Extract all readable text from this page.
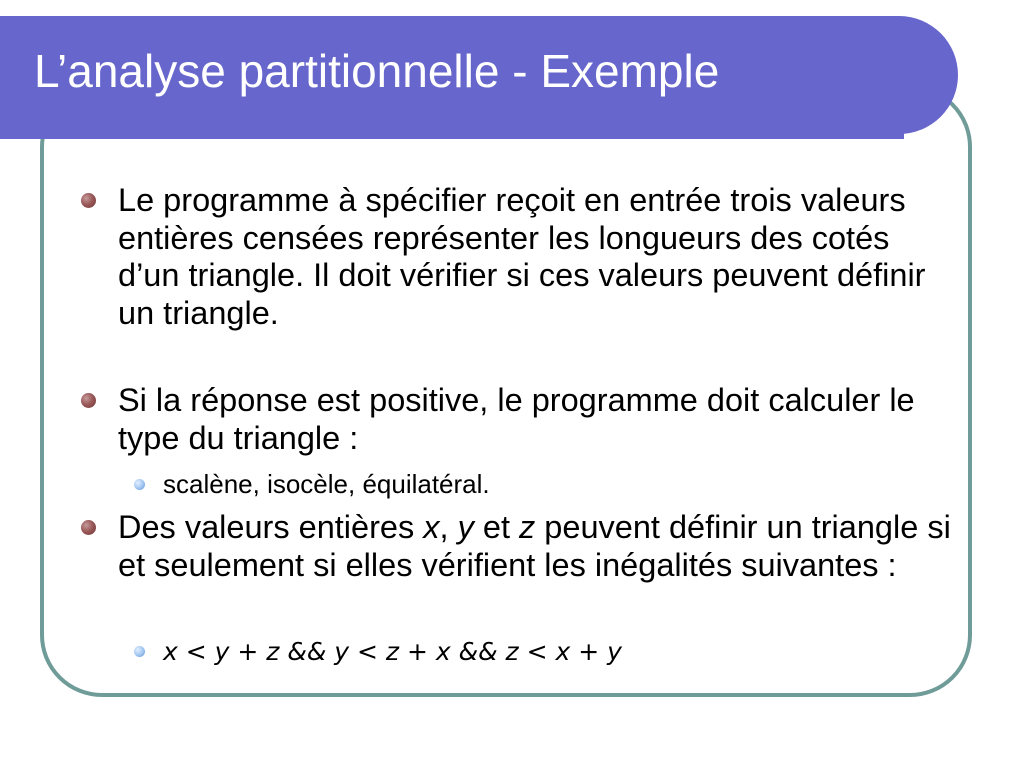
L’analyse partitionnelle - Exemple
Le programme à spécifier reçoit en entrée trois valeurs entières censées représenter les longueurs des cotés d’un triangle. Il doit vérifier si ces valeurs peuvent définir un triangle.
Si la réponse est positive, le programme doit calculer le type du triangle :
scalène, isocèle, équilatéral.
Des valeurs entières x, y et z peuvent définir un triangle si et seulement si elles vérifient les inégalités suivantes :
x < y + z && y < z + x && z < x + y
